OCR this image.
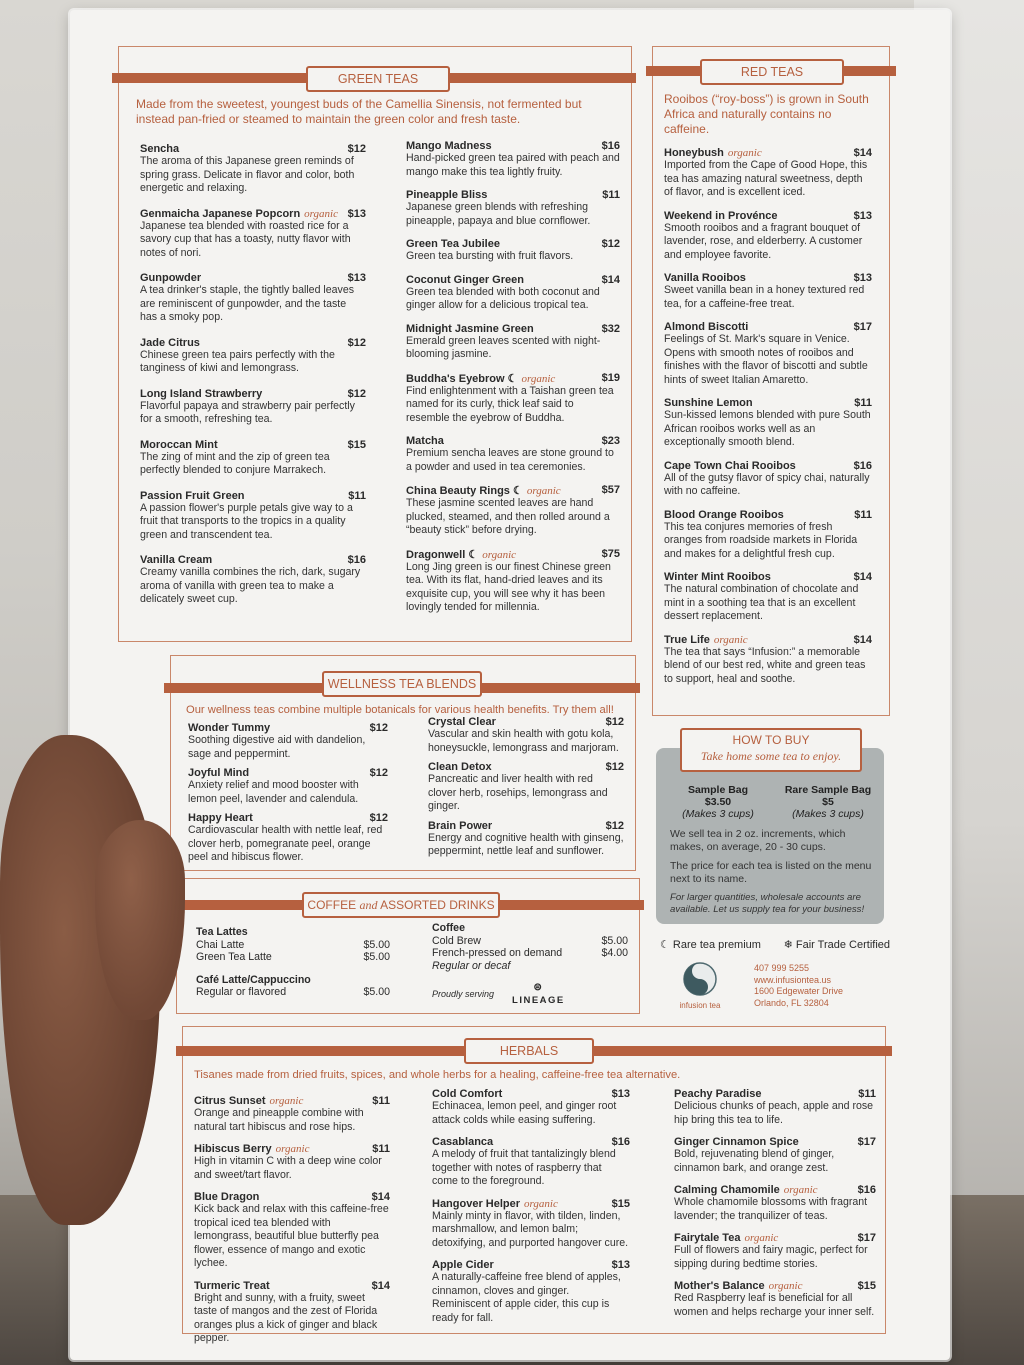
GREEN TEAS
Made from the sweetest, youngest buds of the Camellia Sinensis, not fermented but instead pan-fried or steamed to maintain the green color and fresh taste.
Sencha	$12
The aroma of this Japanese green reminds of spring grass. Delicate in flavor and color, both energetic and relaxing.
Genmaicha Japanese Popcorn organic $13
Japanese tea blended with roasted rice for a savory cup that has a toasty, nutty flavor with notes of nori.
Gunpowder	$13
A tea drinker's staple, the tightly balled leaves are reminiscent of gunpowder, and the taste has a smoky pop.
Jade Citrus	$12
Chinese green tea pairs perfectly with the tanginess of kiwi and lemongrass.
Long Island Strawberry	$12
Flavorful papaya and strawberry pair perfectly for a smooth, refreshing tea.
Moroccan Mint	$15
The zing of mint and the zip of green tea perfectly blended to conjure Marrakech.
Passion Fruit Green	$11
A passion flower's purple petals give way to a fruit that transports to the tropics in a quality green and transcendent tea.
Vanilla Cream	$16
Creamy vanilla combines the rich, dark, sugary aroma of vanilla with green tea to make a delicately sweet cup.
Mango Madness	$16
Hand-picked green tea paired with peach and mango make this tea lightly fruity.
Pineapple Bliss	$11
Japanese green blends with refreshing pineapple, papaya and blue cornflower.
Green Tea Jubilee	$12
Green tea bursting with fruit flavors.
Coconut Ginger Green	$14
Green tea blended with both coconut and ginger allow for a delicious tropical tea.
Midnight Jasmine Green	$32
Emerald green leaves scented with night-blooming jasmine.
Buddha's Eyebrow ☾ organic	$19
Find enlightenment with a Taishan green tea named for its curly, thick leaf said to resemble the eyebrow of Buddha.
Matcha	$23
Premium sencha leaves are stone ground to a powder and used in tea ceremonies.
China Beauty Rings ☾ organic	$57
These jasmine scented leaves are hand plucked, steamed, and then rolled around a “beauty stick” before drying.
Dragonwell ☾ organic	$75
Long Jing green is our finest Chinese green tea. With its flat, hand-dried leaves and its exquisite cup, you will see why it has been lovingly tended for millennia.
RED TEAS
Rooibos (“roy-boss”) is grown in South Africa and naturally contains no caffeine.
Honeybush organic	$14
Imported from the Cape of Good Hope, this tea has amazing natural sweetness, depth of flavor, and is excellent iced.
Weekend in Provénce	$13
Smooth rooibos and a fragrant bouquet of lavender, rose, and elderberry. A customer and employee favorite.
Vanilla Rooibos	$13
Sweet vanilla bean in a honey textured red tea, for a caffeine-free treat.
Almond Biscotti	$17
Feelings of St. Mark's square in Venice. Opens with smooth notes of rooibos and finishes with the flavor of biscotti and subtle hints of sweet Italian Amaretto.
Sunshine Lemon	$11
Sun-kissed lemons blended with pure South African rooibos works well as an exceptionally smooth blend.
Cape Town Chai Rooibos	$16
All of the gutsy flavor of spicy chai, naturally with no caffeine.
Blood Orange Rooibos	$11
This tea conjures memories of fresh oranges from roadside markets in Florida and makes for a delightful fresh cup.
Winter Mint Rooibos	$14
The natural combination of chocolate and mint in a soothing tea that is an excellent dessert replacement.
True Life organic	$14
The tea that says “Infusion:” a memorable blend of our best red, white and green teas to support, heal and soothe.
WELLNESS TEA BLENDS
Our wellness teas combine multiple botanicals for various health benefits. Try them all!
Wonder Tummy	$12
Soothing digestive aid with dandelion, sage and peppermint.
Joyful Mind	$12
Anxiety relief and mood booster with lemon peel, lavender and calendula.
Happy Heart	$12
Cardiovascular health with nettle leaf, red clover herb, pomegranate peel, orange peel and hibiscus flower.
Crystal Clear	$12
Vascular and skin health with gotu kola, honeysuckle, lemongrass and marjoram.
Clean Detox	$12
Pancreatic and liver health with red clover herb, rosehips, lemongrass and ginger.
Brain Power	$12
Energy and cognitive health with ginseng, peppermint, nettle leaf and sunflower.
HOW TO BUY
Take home some tea to enjoy.
Sample Bag
$3.50
(Makes 3 cups)
Rare Sample Bag
$5
(Makes 3 cups)
We sell tea in 2 oz. increments, which makes, on average, 20 - 30 cups.
The price for each tea is listed on the menu next to its name.
For larger quantities, wholesale accounts are available. Let us supply tea for your business!
☾ Rare tea premium ❄ Fair Trade Certified
infusion tea
407 999 5255
www.infusiontea.us
1600 Edgewater Drive
Orlando, FL 32804
COFFEE and ASSORTED DRINKS
Tea Lattes
Chai Latte	$5.00
Green Tea Latte	$5.00
Café Latte/Cappuccino
Regular or flavored	$5.00
Coffee
Cold Brew	$5.00
French-pressed on demand	$4.00
Regular or decaf
Proudly serving
⊜
LINEAGE
HERBALS
Tisanes made from dried fruits, spices, and whole herbs for a healing, caffeine-free tea alternative.
Citrus Sunset organic	$11
Orange and pineapple combine with natural tart hibiscus and rose hips.
Hibiscus Berry organic	$11
High in vitamin C with a deep wine color and sweet/tart flavor.
Blue Dragon	$14
Kick back and relax with this caffeine-free tropical iced tea blended with lemongrass, beautiful blue butterfly pea flower, essence of mango and exotic lychee.
Turmeric Treat	$14
Bright and sunny, with a fruity, sweet taste of mangos and the zest of Florida oranges plus a kick of ginger and black pepper.
Cold Comfort	$13
Echinacea, lemon peel, and ginger root attack colds while easing suffering.
Casablanca	$16
A melody of fruit that tantalizingly blend together with notes of raspberry that come to the foreground.
Hangover Helper organic	$15
Mainly minty in flavor, with tilden, linden, marshmallow, and lemon balm; detoxifying, and purported hangover cure.
Apple Cider	$13
A naturally-caffeine free blend of apples, cinnamon, cloves and ginger. Reminiscent of apple cider, this cup is ready for fall.
Peachy Paradise	$11
Delicious chunks of peach, apple and rose hip bring this tea to life.
Ginger Cinnamon Spice	$17
Bold, rejuvenating blend of ginger, cinnamon bark, and orange zest.
Calming Chamomile organic	$16
Whole chamomile blossoms with fragrant lavender; the tranquilizer of teas.
Fairytale Tea organic	$17
Full of flowers and fairy magic, perfect for sipping during bedtime stories.
Mother's Balance organic	$15
Red Raspberry leaf is beneficial for all women and helps recharge your inner self.
